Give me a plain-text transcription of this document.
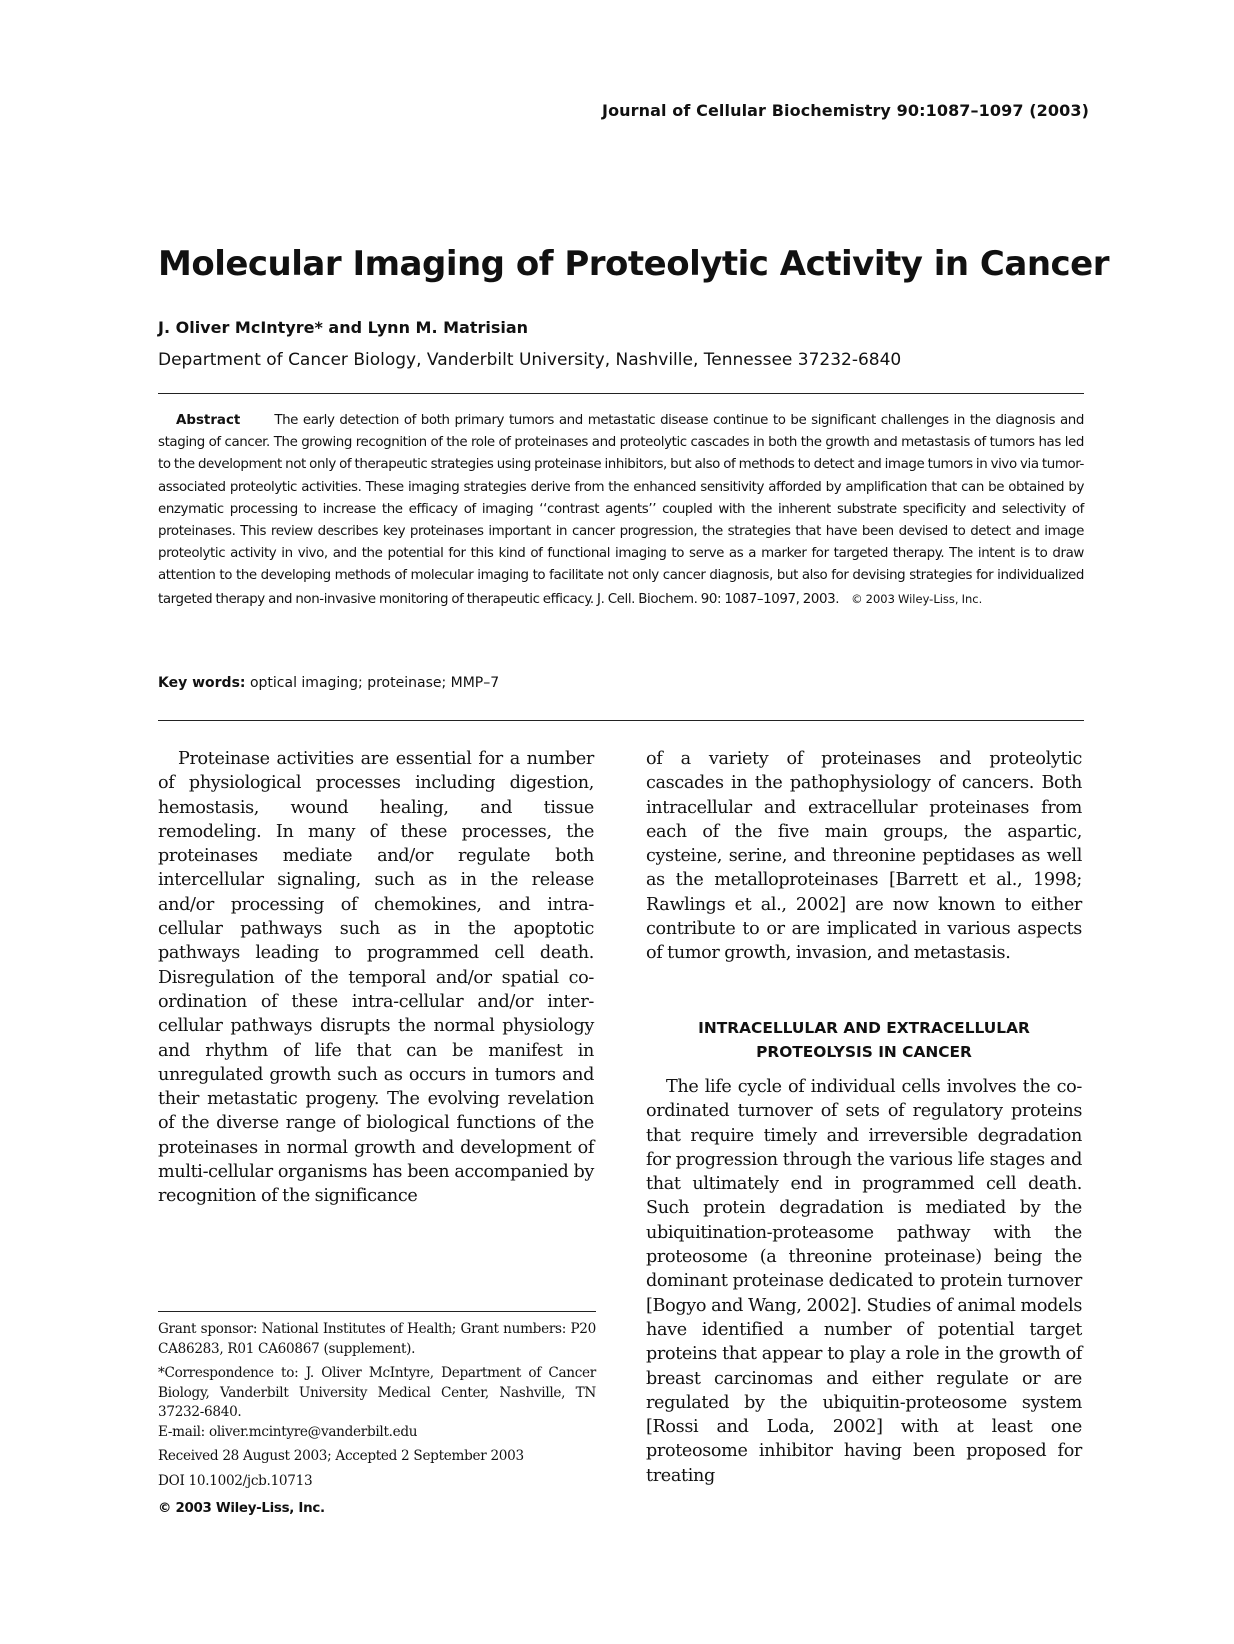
Journal of Cellular Biochemistry 90:1087–1097 (2003)
Molecular Imaging of Proteolytic Activity in Cancer
J. Oliver McIntyre* and Lynn M. Matrisian
Department of Cancer Biology, Vanderbilt University, Nashville, Tennessee 37232-6840
Abstract	The early detection of both primary tumors and metastatic disease continue to be significant challenges in the diagnosis and staging of cancer. The growing recognition of the role of proteinases and proteolytic cascades in both the growth and metastasis of tumors has led to the development not only of therapeutic strategies using proteinase inhibitors, but also of methods to detect and image tumors in vivo via tumor-associated proteolytic activities. These imaging strategies derive from the enhanced sensitivity afforded by amplification that can be obtained by enzymatic processing to increase the efficacy of imaging ‘‘contrast agents’’ coupled with the inherent substrate specificity and selectivity of proteinases. This review describes key proteinases important in cancer progression, the strategies that have been devised to detect and image proteolytic activity in vivo, and the potential for this kind of functional imaging to serve as a marker for targeted therapy. The intent is to draw attention to the developing methods of molecular imaging to facilitate not only cancer diagnosis, but also for devising strategies for individualized targeted therapy and non-invasive monitoring of therapeutic efficacy. J. Cell. Biochem. 90: 1087–1097, 2003. © 2003 Wiley-Liss, Inc.
Key words: optical imaging; proteinase; MMP–7

Proteinase activities are essential for a number of physiological processes including digestion, hemostasis, wound healing, and tissue remodeling. In many of these processes, the proteinases mediate and/or regulate both intercellular signaling, such as in the release and/or processing of chemokines, and intra-cellular pathways such as in the apoptotic pathways leading to programmed cell death. Disregulation of the temporal and/or spatial co-ordination of these intra-cellular and/or inter-cellular pathways disrupts the normal physiology and rhythm of life that can be manifest in unregulated growth such as occurs in tumors and their metastatic progeny. The evolving revelation of the diverse range of biological functions of the proteinases in normal growth and development of multi-cellular organisms has been accompanied by recognition of the significance

of a variety of proteinases and proteolytic cascades in the pathophysiology of cancers. Both intracellular and extracellular proteinases from each of the five main groups, the aspartic, cysteine, serine, and threonine peptidases as well as the metalloproteinases [Barrett et al., 1998; Rawlings et al., 2002] are now known to either contribute to or are implicated in various aspects of tumor growth, invasion, and metastasis.

INTRACELLULAR AND EXTRACELLULAR
PROTEOLYSIS IN CANCER

The life cycle of individual cells involves the co-ordinated turnover of sets of regulatory proteins that require timely and irreversible degradation for progression through the various life stages and that ultimately end in programmed cell death. Such protein degradation is mediated by the ubiquitination-proteasome pathway with the proteosome (a threonine proteinase) being the dominant proteinase dedicated to protein turnover [Bogyo and Wang, 2002]. Studies of animal models have identified a number of potential target proteins that appear to play a role in the growth of breast carcinomas and either regulate or are regulated by the ubiquitin-proteosome system [Rossi and Loda, 2002] with at least one proteosome inhibitor having been proposed for treating

Grant sponsor: National Institutes of Health; Grant numbers: P20 CA86283, R01 CA60867 (supplement).

*Correspondence to: J. Oliver McIntyre, Department of Cancer Biology, Vanderbilt University Medical Center, Nashville, TN 37232-6840.

E-mail: oliver.mcintyre@vanderbilt.edu

Received 28 August 2003; Accepted 2 September 2003

DOI 10.1002/jcb.10713

© 2003 Wiley-Liss, Inc.
